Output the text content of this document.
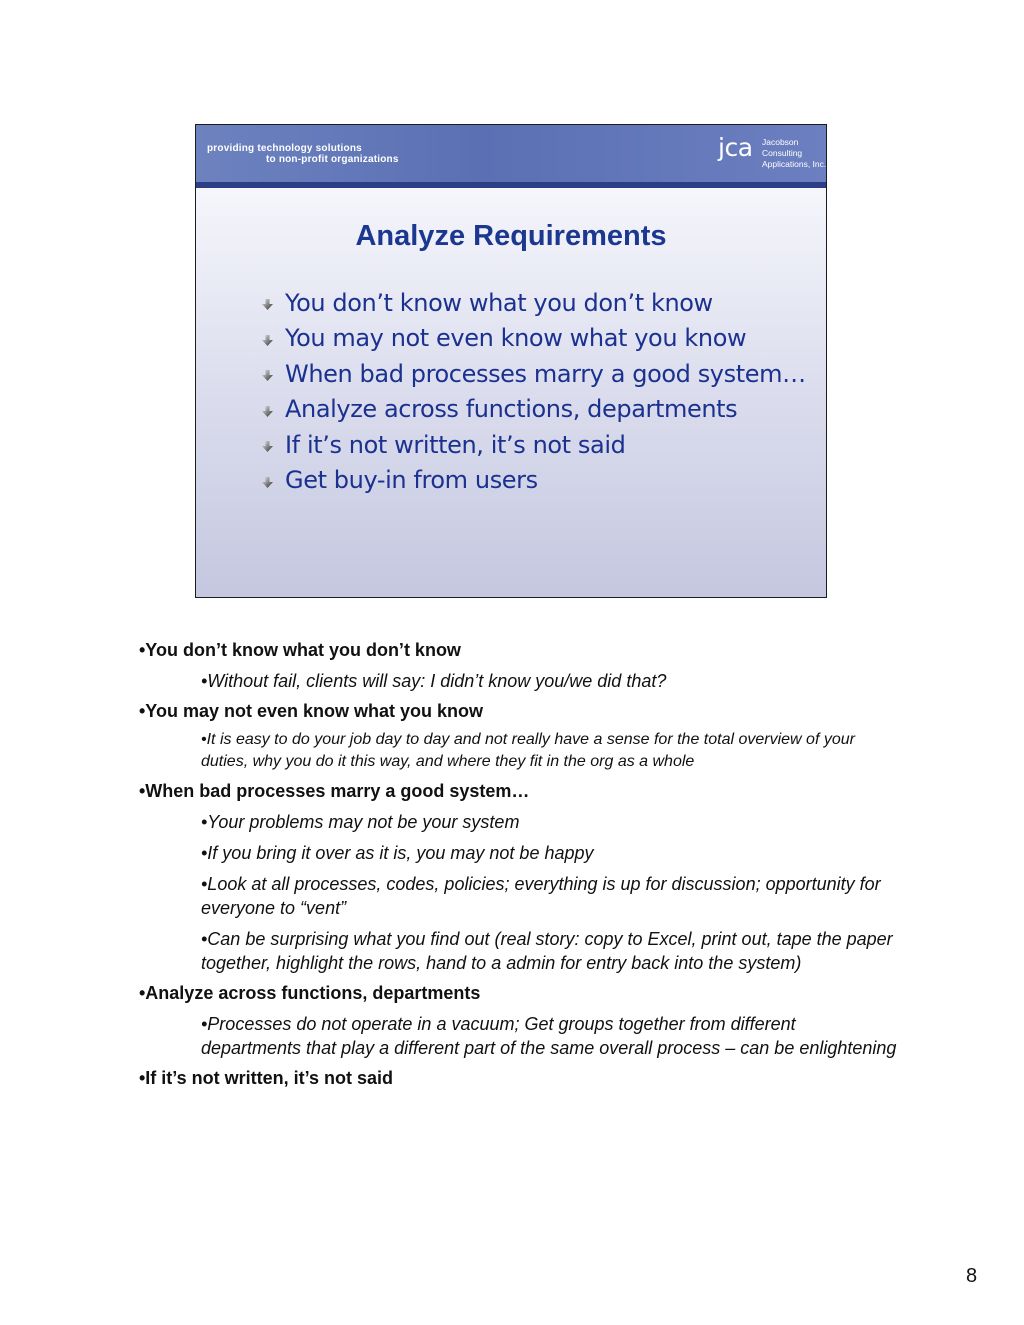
providing technology solutions
to non-profit organizations	jca Jacobson
Consulting
Applications, Inc.
Analyze Requirements
You don’t know what you don’t know
You may not even know what you know
When bad processes marry a good system…
Analyze across functions, departments
If it’s not written, it’s not said
Get buy-in from users

•You don’t know what you don’t know

•Without fail, clients will say: I didn’t know you/we did that?

•You may not even know what you know

•It is easy to do your job day to day and not really have a sense for the total overview of your duties, why you do it this way, and where they fit in the org as a whole

•When bad processes marry a good system…

•Your problems may not be your system

•If you bring it over as it is, you may not be happy

•Look at all processes, codes, policies; everything is up for discussion; opportunity for everyone to “vent”

•Can be surprising what you find out (real story: copy to Excel, print out, tape the paper together, highlight the rows, hand to a admin for entry back into the system)

•Analyze across functions, departments

•Processes do not operate in a vacuum; Get groups together from different departments that play a different part of the same overall process – can be enlightening

•If it’s not written, it’s not said

8
